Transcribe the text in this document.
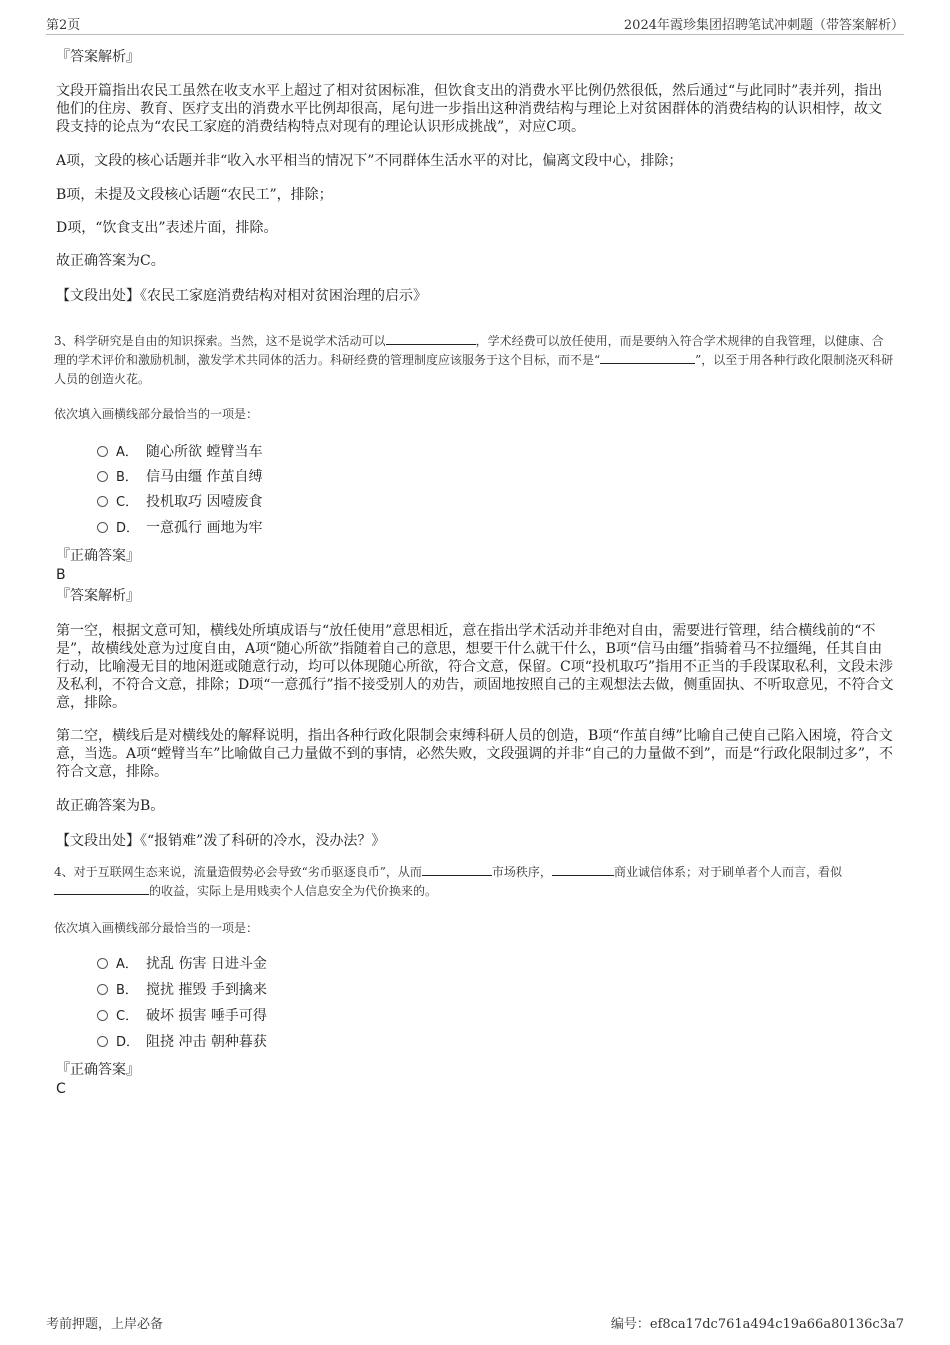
第2页	2024年霞珍集团招聘笔试冲刺题（带答案解析）
『答案解析』
文段开篇指出农民工虽然在收支水平上超过了相对贫困标准，但饮食支出的消费水平比例仍然很低，然后通过“与此同时”表并列，指出他们的住房、教育、医疗支出的消费水平比例却很高，尾句进一步指出这种消费结构与理论上对贫困群体的消费结构的认识相悖，故文段支持的论点为“农民工家庭的消费结构特点对现有的理论认识形成挑战”，对应C项。
A项，文段的核心话题并非“收入水平相当的情况下”不同群体生活水平的对比，偏离文段中心，排除；
B项，未提及文段核心话题“农民工”，排除；
D项，“饮食支出”表述片面，排除。
故正确答案为C。
【文段出处】《农民工家庭消费结构对相对贫困治理的启示》
3、科学研究是自由的知识探索。当然，这不是说学术活动可以	，学术经费可以放任使用，而是要纳入符合学术规律的自我管理，以健康、合理的学术评价和激励机制，激发学术共同体的活力。科研经费的管理制度应该服务于这个目标，而不是“	”，以至于用各种行政化限制浇灭科研人员的创造火花。
依次填入画横线部分最恰当的一项是：
A． 随心所欲 螳臂当车
B． 信马由缰 作茧自缚
C． 投机取巧 因噎废食
D． 一意孤行 画地为牢
『正确答案』
B
『答案解析』
第一空，根据文意可知，横线处所填成语与“放任使用”意思相近，意在指出学术活动并非绝对自由，需要进行管理，结合横线前的“不是”，故横线处意为过度自由，A项“随心所欲”指随着自己的意思，想要干什么就干什么，B项“信马由缰”指骑着马不拉缰绳，任其自由行动，比喻漫无目的地闲逛或随意行动，均可以体现随心所欲，符合文意，保留。C项“投机取巧”指用不正当的手段谋取私利，文段未涉及私利，不符合文意，排除；D项“一意孤行”指不接受别人的劝告，顽固地按照自己的主观想法去做，侧重固执、不听取意见，不符合文意，排除。
第二空，横线后是对横线处的解释说明，指出各种行政化限制会束缚科研人员的创造，B项“作茧自缚”比喻自己使自己陷入困境，符合文意，当选。A项“螳臂当车”比喻做自己力量做不到的事情，必然失败，文段强调的并非“自己的力量做不到”，而是“行政化限制过多”，不符合文意，排除。
故正确答案为B。
【文段出处】《“报销难”泼了科研的冷水，没办法？》
4、对于互联网生态来说，流量造假势必会导致“劣币驱逐良币”，从而	市场秩序，	商业诚信体系；对于刷单者个人而言，看似的收益，实际上是用贱卖个人信息安全为代价换来的。
依次填入画横线部分最恰当的一项是：
A． 扰乱 伤害 日进斗金
B． 搅扰 摧毁 手到擒来
C． 破坏 损害 唾手可得
D． 阻挠 冲击 朝种暮获
『正确答案』
C
考前押题，上岸必备	编号：ef8ca17dc761a494c19a66a80136c3a7
